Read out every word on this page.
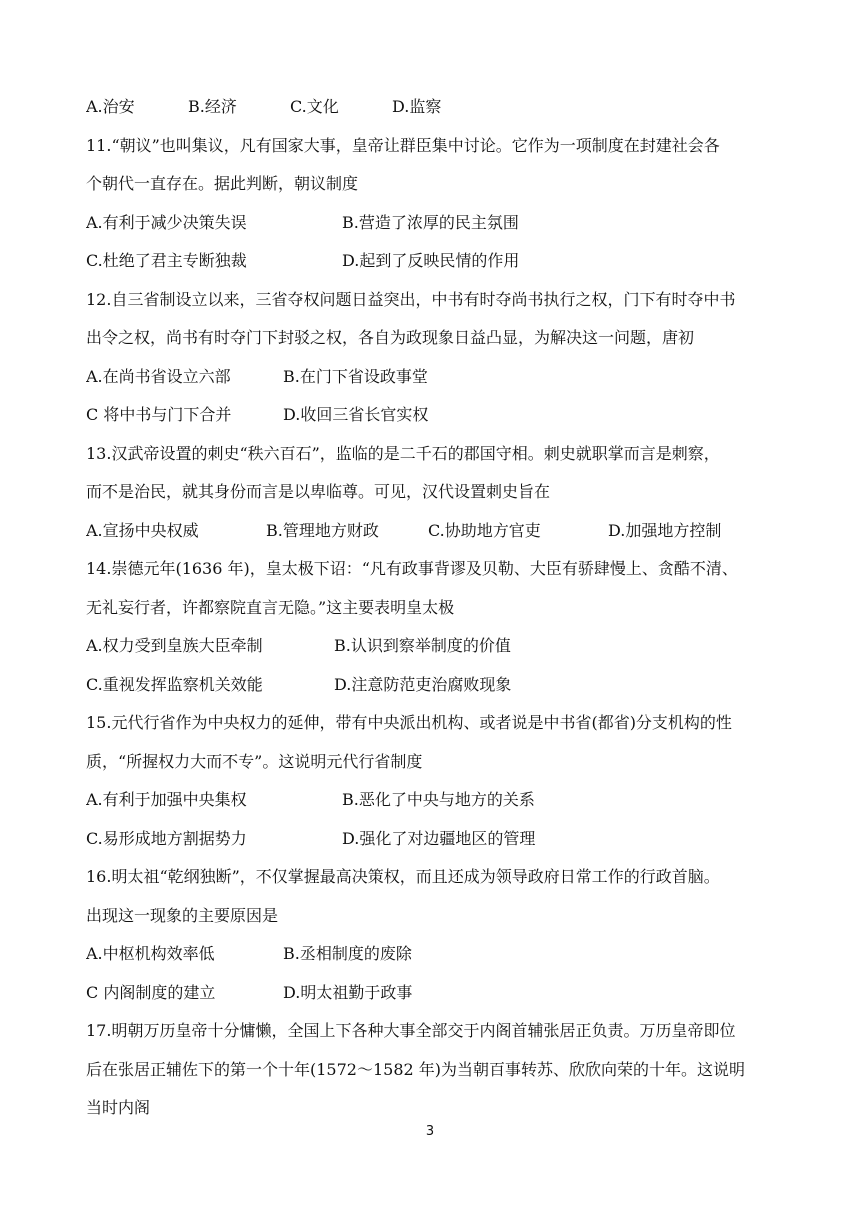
A.治安	B.经济	C.文化	D.监察
11.“朝议”也叫集议，凡有国家大事，皇帝让群臣集中讨论。它作为一项制度在封建社会各
个朝代一直存在。据此判断，朝议制度
A.有利于减少决策失误	B.营造了浓厚的民主氛围
C.杜绝了君主专断独裁	D.起到了反映民情的作用
12.自三省制设立以来，三省夺权问题日益突出，中书有时夺尚书执行之权，门下有时夺中书
出令之权，尚书有时夺门下封驳之权，各自为政现象日益凸显，为解决这一问题，唐初
A.在尚书省设立六部	B.在门下省设政事堂
C 将中书与门下合并	D.收回三省长官实权
13.汉武帝设置的刺史“秩六百石”，监临的是二千石的郡国守相。刺史就职掌而言是刺察，
而不是治民，就其身份而言是以卑临尊。可见，汉代设置刺史旨在
A.宣扬中央权威	B.管理地方财政	C.协助地方官吏	D.加强地方控制
14.崇德元年(1636 年)，皇太极下诏：“凡有政事背谬及贝勒、大臣有骄肆慢上、贪酷不清、
无礼妄行者，许都察院直言无隐。”这主要表明皇太极
A.权力受到皇族大臣牵制	B.认识到察举制度的价值
C.重视发挥监察机关效能	D.注意防范吏治腐败现象
15.元代行省作为中央权力的延伸，带有中央派出机构、或者说是中书省(都省)分支机构的性
质，“所握权力大而不专”。这说明元代行省制度
A.有利于加强中央集权	B.恶化了中央与地方的关系
C.易形成地方割据势力	D.强化了对边疆地区的管理
16.明太祖“乾纲独断”，不仅掌握最高决策权，而且还成为领导政府日常工作的行政首脑。
出现这一现象的主要原因是
A.中枢机构效率低	B.丞相制度的废除
C 内阁制度的建立	D.明太祖勤于政事
17.明朝万历皇帝十分慵懒，全国上下各种大事全部交于内阁首辅张居正负责。万历皇帝即位
后在张居正辅佐下的第一个十年(1572～1582 年)为当朝百事转苏、欣欣向荣的十年。这说明
当时内阁
3
